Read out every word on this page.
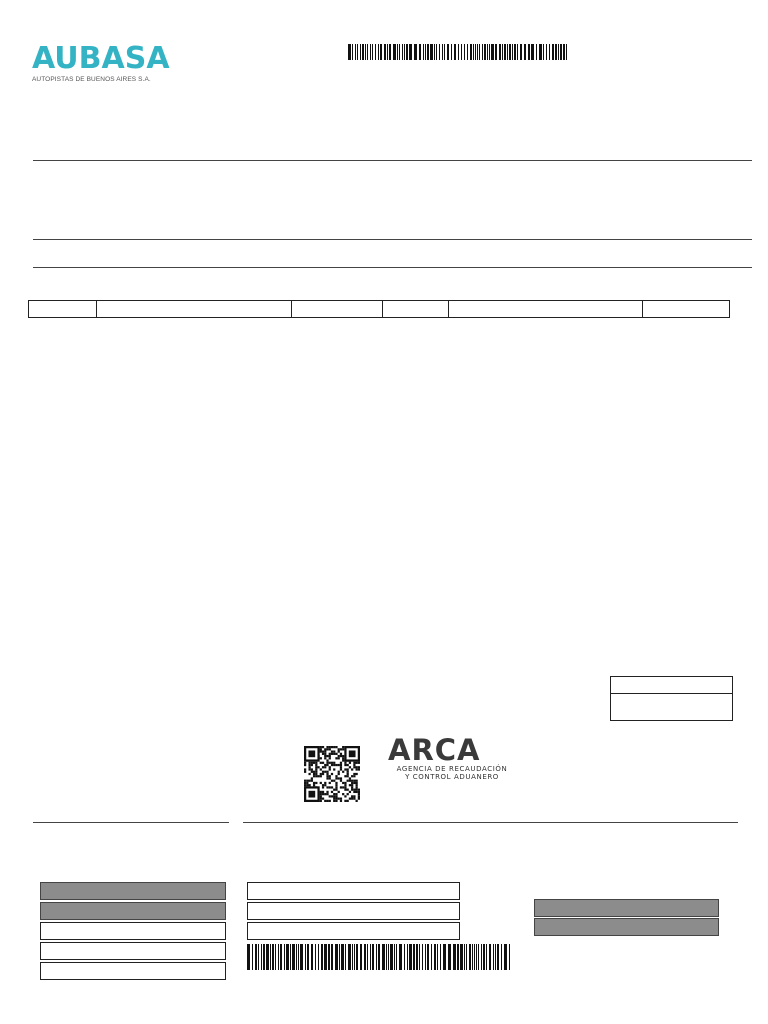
AUBASA
AUTOPISTAS DE BUENOS AIRES S.A.
ARCA
AGENCIA DE RECAUDACIÓN
Y CONTROL ADUANERO
